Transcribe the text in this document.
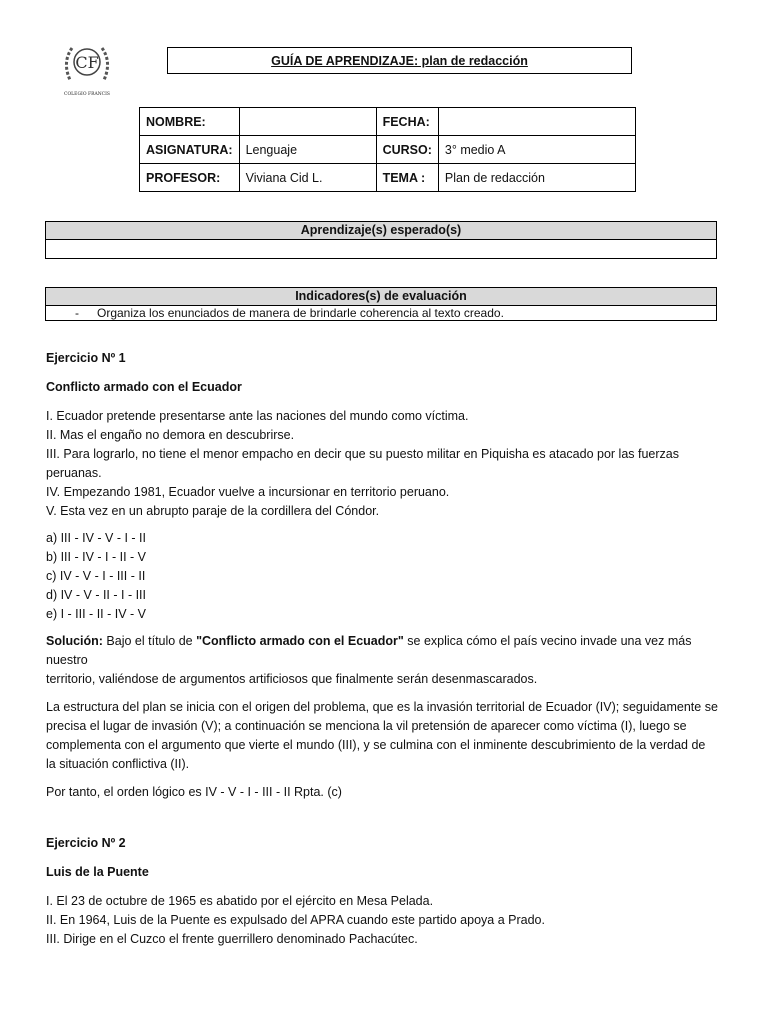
CF
COLEGIO FRANCIS
GUÍA DE APRENDIZAJE: plan de redacción
NOMBRE:		FECHA:	
ASIGNATURA:	Lenguaje	CURSO:	3° medio A
PROFESOR:	Viviana Cid L.	TEMA :	Plan de redacción
Aprendizaje(s) esperado(s)
Indicadores(s) de evaluación
- Organiza los enunciados de manera de brindarle coherencia al texto creado.

Ejercicio Nº 1

Conflicto armado con el Ecuador

I. Ecuador pretende presentarse ante las naciones del mundo como víctima.

II. Mas el engaño no demora en descubrirse.

III. Para lograrlo, no tiene el menor empacho en decir que su puesto militar en Piquisha es atacado por las fuerzas

peruanas.

IV. Empezando 1981, Ecuador vuelve a incursionar en territorio peruano.

V. Esta vez en un abrupto paraje de la cordillera del Cóndor.

a) III - IV - V - I - II

b) III - IV - I - II - V

c) IV - V - I - III - II

d) IV - V - II - I - III

e) I - III - II - IV - V

Solución: Bajo el título de "Conflicto armado con el Ecuador" se explica cómo el país vecino invade una vez más nuestro

territorio, valiéndose de argumentos artificiosos que finalmente serán desenmascarados.

La estructura del plan se inicia con el origen del problema, que es la invasión territorial de Ecuador (IV); seguidamente se

precisa el lugar de invasión (V); a continuación se menciona la vil pretensión de aparecer como víctima (I), luego se

complementa con el argumento que vierte el mundo (III), y se culmina con el inminente descubrimiento de la verdad de

la situación conflictiva (II).

Por tanto, el orden lógico es IV - V - I - III - II Rpta. (c)

Ejercicio Nº 2

Luis de la Puente

I. El 23 de octubre de 1965 es abatido por el ejército en Mesa Pelada.

II. En 1964, Luis de la Puente es expulsado del APRA cuando este partido apoya a Prado.

III. Dirige en el Cuzco el frente guerrillero denominado Pachacútec.
